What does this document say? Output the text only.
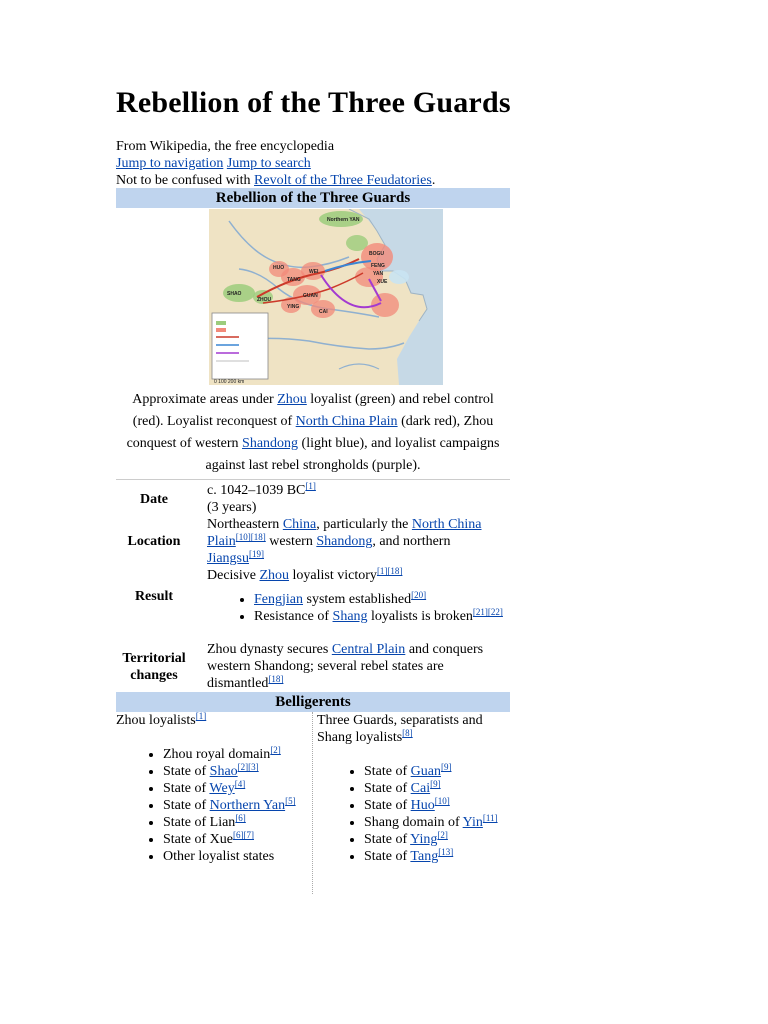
Rebellion of the Three Guards
From Wikipedia, the free encyclopedia
Jump to navigation Jump to search
Not to be confused with Revolt of the Three Feudatories.
Rebellion of the Three Guards
Northern YAN
BOGU
FENG
YAN
XUE
WEI
HUO
TANG
GUAN
YING
CAI
SHAO
ZHOU
0 100 200 km
Approximate areas under Zhou loyalist (green) and rebel control (red). Loyalist reconquest of North China Plain (dark red), Zhou conquest of western Shandong (light blue), and loyalist campaigns against last rebel strongholds (purple).
Date
c. 1042–1039 BC[1]
(3 years)
Location
Northeastern China, particularly the North China Plain[10][18] western Shandong, and northern Jiangsu[19]
Result
Decisive Zhou loyalist victory[1][18]
• Fengjian system established[20]
• Resistance of Shang loyalists is broken[21][22]
Territorial changes
Zhou dynasty secures Central Plain and conquers western Shandong; several rebel states are dismantled[18]
Belligerents
Zhou loyalists[1]
• Zhou royal domain[2]
• State of Shao[2][3]
• State of Wey[4]
• State of Northern Yan[5]
• State of Lian[6]
• State of Xue[6][7]
• Other loyalist states
Three Guards, separatists and Shang loyalists[8]
• State of Guan[9]
• State of Cai[9]
• State of Huo[10]
• Shang domain of Yin[11]
• State of Ying[2]
• State of Tang[13]
